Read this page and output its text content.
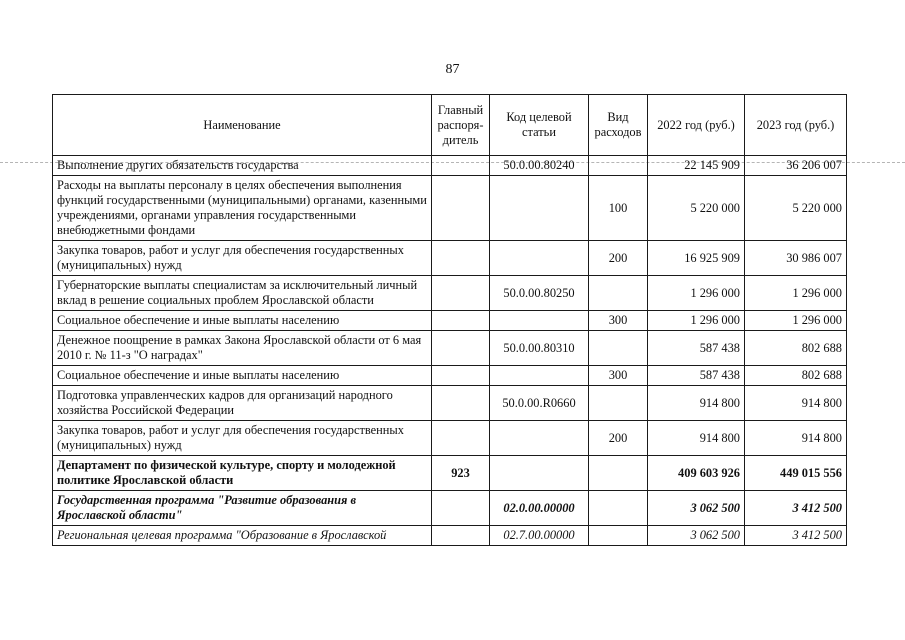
87
Наименование	Главный распоря-дитель	Код целевой статьи	Вид расходов	2022 год (руб.)	2023 год (руб.)
Выполнение других обязательств государства		50.0.00.80240		22 145 909	36 206 007
Расходы на выплаты персоналу в целях обеспечения выполнения функций государственными (муниципальными) органами, казенными учреждениями, органами управления государственными внебюджетными фондами			100	5 220 000	5 220 000
Закупка товаров, работ и услуг для обеспечения государственных (муниципальных) нужд			200	16 925 909	30 986 007
Губернаторские выплаты специалистам за исключительный личный вклад в решение социальных проблем Ярославской области		50.0.00.80250		1 296 000	1 296 000
Социальное обеспечение и иные выплаты населению			300	1 296 000	1 296 000
Денежное поощрение в рамках Закона Ярославской области от 6 мая 2010 г. № 11-з "О наградах"		50.0.00.80310		587 438	802 688
Социальное обеспечение и иные выплаты населению			300	587 438	802 688
Подготовка управленческих кадров для организаций народного хозяйства Российской Федерации		50.0.00.R0660		914 800	914 800
Закупка товаров, работ и услуг для обеспечения государственных (муниципальных) нужд			200	914 800	914 800
Департамент по физической культуре, спорту и молодежной политике Ярославской области	923			409 603 926	449 015 556
Государственная программа "Развитие образования в Ярославской области"		02.0.00.00000		3 062 500	3 412 500
Региональная целевая программа "Образование в Ярославской		02.7.00.00000		3 062 500	3 412 500
